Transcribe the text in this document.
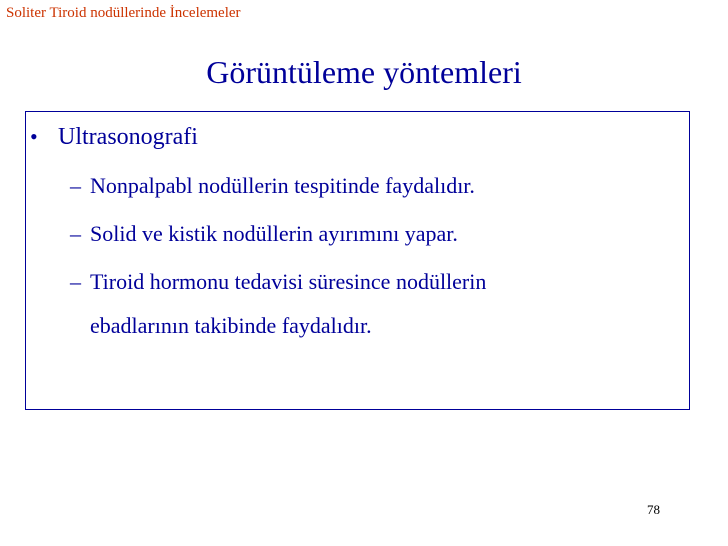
Soliter Tiroid nodüllerinde İncelemeler
Görüntüleme yöntemleri
• Ultrasonografi
– Nonpalpabl nodüllerin tespitinde faydalıdır.
– Solid ve kistik nodüllerin ayırımını yapar.
– Tiroid hormonu tedavisi süresince nodüllerin
ebadlarının takibinde faydalıdır.
78
